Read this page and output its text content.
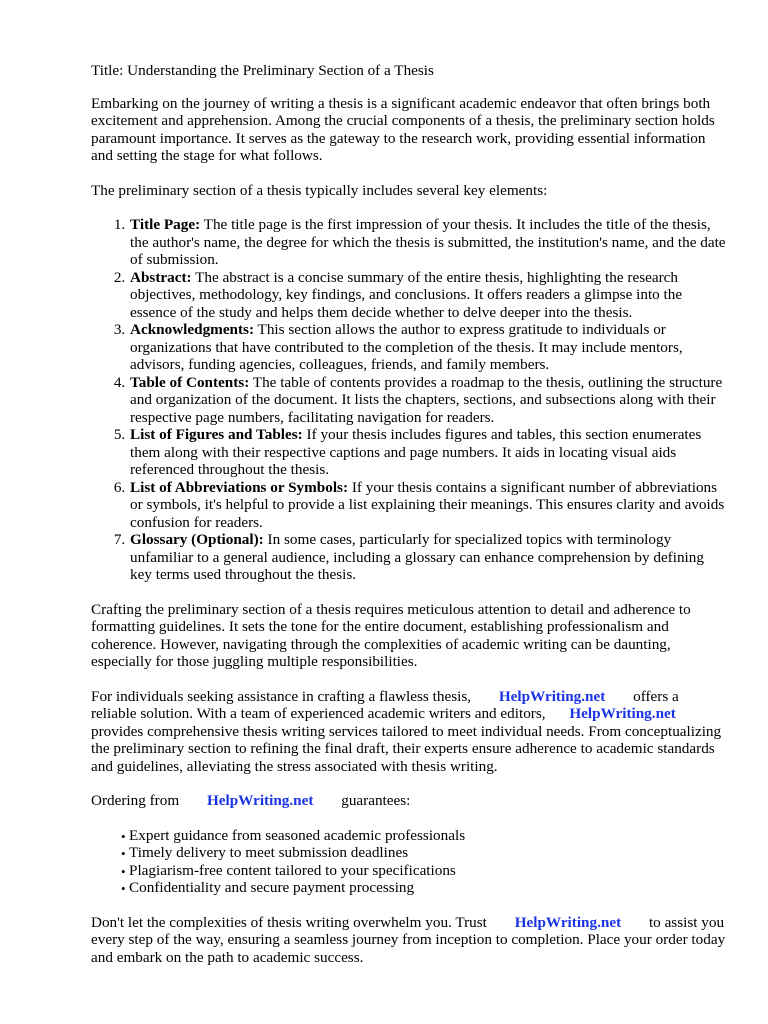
Title: Understanding the Preliminary Section of a Thesis

Embarking on the journey of writing a thesis is a significant academic endeavor that often brings both excitement and apprehension. Among the crucial components of a thesis, the preliminary section holds paramount importance. It serves as the gateway to the research work, providing essential information and setting the stage for what follows.

The preliminary section of a thesis typically includes several key elements:

1. Title Page: The title page is the first impression of your thesis. It includes the title of the thesis, the author's name, the degree for which the thesis is submitted, the institution's name, and the date of submission.
2. Abstract: The abstract is a concise summary of the entire thesis, highlighting the research objectives, methodology, key findings, and conclusions. It offers readers a glimpse into the essence of the study and helps them decide whether to delve deeper into the thesis.
3. Acknowledgments: This section allows the author to express gratitude to individuals or organizations that have contributed to the completion of the thesis. It may include mentors, advisors, funding agencies, colleagues, friends, and family members.
4. Table of Contents: The table of contents provides a roadmap to the thesis, outlining the structure and organization of the document. It lists the chapters, sections, and subsections along with their respective page numbers, facilitating navigation for readers.
5. List of Figures and Tables: If your thesis includes figures and tables, this section enumerates them along with their respective captions and page numbers. It aids in locating visual aids referenced throughout the thesis.
6. List of Abbreviations or Symbols: If your thesis contains a significant number of abbreviations or symbols, it's helpful to provide a list explaining their meanings. This ensures clarity and avoids confusion for readers.
7. Glossary (Optional): In some cases, particularly for specialized topics with terminology unfamiliar to a general audience, including a glossary can enhance comprehension by defining key terms used throughout the thesis.

Crafting the preliminary section of a thesis requires meticulous attention to detail and adherence to formatting guidelines. It sets the tone for the entire document, establishing professionalism and coherence. However, navigating through the complexities of academic writing can be daunting, especially for those juggling multiple responsibilities.

For individuals seeking assistance in crafting a flawless thesis, HelpWriting.net offers a reliable solution. With a team of experienced academic writers and editors, HelpWriting.net provides comprehensive thesis writing services tailored to meet individual needs. From conceptualizing the preliminary section to refining the final draft, their experts ensure adherence to academic standards and guidelines, alleviating the stress associated with thesis writing.

Ordering from HelpWriting.net guarantees:

• Expert guidance from seasoned academic professionals
• Timely delivery to meet submission deadlines
• Plagiarism-free content tailored to your specifications
• Confidentiality and secure payment processing

Don't let the complexities of thesis writing overwhelm you. Trust HelpWriting.net to assist you every step of the way, ensuring a seamless journey from inception to completion. Place your order today and embark on the path to academic success.
